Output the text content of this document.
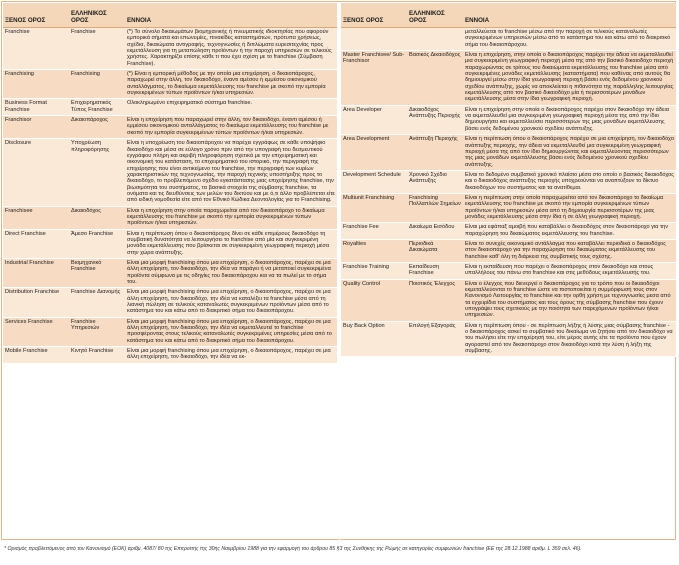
ΞΕΝΟΣ ΟΡΟΣ	ΕΛΛΗΝΙΚΟΣ ΟΡΟΣ	ΕΝΝΟΙΑ
Franchise	Franchise	(*) Το σύνολο δικαιωμάτων βιομηχανικής ή πνευματικής ιδιοκτησίας που αφορούν εμπορικά σήματα και επωνυμίες, πινακίδες καταστημάτων, πρότυπα χρήσεως, σχέδια, δικαιώματα αντιγραφής, τεχνογνωσίες ή διπλώματα ευρεσιτεχνίας προς εκμετάλλευση για τη μεταπώληση προϊόντων ή την παροχή υπηρεσιών σε τελικούς χρήστες. Χαρακτηρίζει επίσης κάθε τι που έχει σχέση με το franchise (Σύμβαση Franchise).
Franchising	Franchising	(*) Είναι η εμπορική μέθοδος με την οποία μια επιχείρηση, ο δικαιοπάροχος, παραχωρεί στην άλλη, τον δικαιοδόχο, έναντι αμέσου ή εμμέσου οικονομικού ανταλλάγματος, το δικαίωμα εκμετάλλευσης του franchise με σκοπό την εμπορία συγκεκριμένων τύπων προϊόντων ή/και υπηρεσιών.
Business Format Franchise	Επιχειρηματικός Τύπος Franchise	Ολοκληρωμένο επιχειρηματικό σύστημα franchise.
Franchisor	Δικαιοπάροχος	Είναι η επιχείρηση που παραχωρεί στην άλλη, τον δικαιοδόχο, έναντι αμέσου ή εμμέσου οικονομικού ανταλλάγματος το δικαίωμα εκμετάλλευσης του franchise με σκοπό την εμπορία συγκεκριμένων τύπων προϊόντων ή/και υπηρεσιών.
Disclosure	Υποχρέωση πληροφόρησης	Είναι η υποχρέωση του δικαιοπάροχου να παρέχει εγγράφως σε κάθε υποψήφιο δικαιοδόχο και μέσα σε εύλογο χρόνο πριν από την υπογραφή του δεσμευτικού εγγράφου πλήρη και ακριβή πληροφόρηση σχετικά με την επιχειρηματική και οικονομική του κατάσταση, το επιχειρηματικό του ιστορικό, την περιγραφή της επιχείρησης που είναι αντικείμενο του franchise, την περιγραφή των κυρίων χαρακτηριστικών της τεχνογνωσίας, την παροχή τεχνικής υποστήριξης προς το δικαιοδόχο, το προβλεπόμενο σχέδιο εγκατάστασης μιας επιχείρησης franchise, την βιωσιμότητα του συστήματος, τα βασικά στοιχεία της σύμβασης franchise, τα ονόματα και τις διευθύνσεις των μελών του δικτύου και με ό,τι άλλο προβλέπεται είτε από ειδική νομοθεσία είτε από τον Εθνικό Κώδικα Δεοντολογίας για το Franchising.
Franchisee	Δικαιοδόχος	Είναι η επιχείρηση στην οποία παραχωρείται από τον δικαιοπάροχο το δικαίωμα εκμετάλλευσης του franchise με σκοπό την εμπορία συγκεκριμένων τύπων προϊόντων ή/και υπηρεσιών.
Direct Franchise	Άμεσο Franchise	Είναι η περίπτωση όπου ο δικαιοπάροχος δίνει σε κάθε επιμέρους δικαιοδόχο τη συμβατική δυνατότητα να λειτουργήσει το franchise από μία και συγκεκριμένη μονάδα εκμετάλλευσης που βρίσκεται σε συγκεκριμένη γεωγραφική περιοχή μέσα στην χώρα ανάπτυξης.
Industrial Franchise	Βιομηχανικό Franchise	Είναι μια μορφή franchising όπου μια επιχείρηση, ο δικαιοπάροχος, παρέχει σε μια άλλη επιχείρηση, τον δικαιοδόχο, την ιδέα να παράγει ή να μεταποιεί συγκεκριμένα προϊόντα σύμφωνα με τις οδηγίες του δικαιοπάροχου και να τα πωλεί με το σήμα του.
Distribution Franchise	Franchise Διανομής	Είναι μια μορφή franchising όπου μια επιχείρηση, ο δικαιοπάροχος, παρέχει σε μια άλλη επιχείρηση, τον δικαιοδόχο, την ιδέα να καταλέξει τα franchise μέσα από τη λιανική πώληση σε τελικούς καταναλωτές συγκεκριμένων προϊόντων μέσα από το κατάστημα του και κάτω από το διακριτικό σήμα του δικαιοπάροχου.
Services Franchise	Franchise Υπηρεσιών	Είναι μια μορφή franchising όπου μια επιχείρηση, ο δικαιοπάροχος, παρέχει σε μια άλλη επιχείρηση, τον δικαιοδόχο, την ιδέα να εκμεταλλευτεί το franchise προσφέροντας στους τελικούς καταναλωτές συγκεκριμένες υπηρεσίες μέσα από το κατάστημα του και κάτω από το διακριτικό σήμα του δικαιοπάροχου.
Mobile Franchise	Κινητό Franchise	Είναι μια μορφή franchising όπου μια επιχείρηση, ο δικαιοπάροχος, παρέχει σε μια άλλη επιχείρηση, τον δικαιοδόχο, την ιδέα να εκ-
ΞΕΝΟΣ ΟΡΟΣ	ΕΛΛΗΝΙΚΟΣ ΟΡΟΣ	ΕΝΝΟΙΑ
		μεταλλεύεται το franchise μέσω από την παροχή σε τελικούς καταναλωτές συγκεκριμένων υπηρεσιών μέσω από το κατάστημα του και κάτω από το διακριτικό σήμα του δικαιοπάροχου.
Master Franchisee/ Sub-Franchisor	Βασικός Δικαιοδόχος	Είναι η επιχείρηση, στην οποία ο δικαιοπάροχος παρέχει την άδεια να εκμεταλλευθεί μια συγκεκριμένη γεωγραφική περιοχή μέσα της από την βασικό δικαιοδόχο περιοχή παραχωρώντας σε τρίτους του δικαιώματα εκμετάλλευσης του franchise μέσα από συγκεκριμένες μονάδες εκμετάλλευσης (καταστήματα) που καθένας από αυτούς θα δημιουργεί μέσω στην ίδια γεωγραφική περιοχή βάσει ενός δεδομένου χρονικού σχεδίου ανάπτυξης, χωρίς να αποκλείεται η πιθανότητα της παράλληλης λειτουργίας εκμετάλλευσης από τον βασικό δικαιοδόχο μία ή περισσοτέρων μονάδων εκμετάλλευσης μέσα στην ίδια γεωγραφική περιοχή.
Area Developer	Δικαιοδόχος Ανάπτυξης Περιοχής	Είναι η επιχείρηση στην οποία ο δικαιοπάροχος παρέχει στον δικαιοδόχο την άδεια να εκμεταλλευθεί μια συγκεκριμένη γεωγραφική περιοχή μέσα της από την ίδιο δημιουργήσει και εκμεταλλεύσει περισσότερων της μιας μονάδων εκμετάλλευσης βάσει ενός δεδομένου χρονικού σχεδίου ανάπτυξης.
Area Development	Ανάπτυξη Περιοχής	Είναι η περίπτωση όπου ο δικαιοπάροχος παρέχει σε μια επιχείρηση, τον δικαιοδόχο ανάπτυξης περιοχής, την άδεια να εκμεταλλευθεί μια συγκεκριμένη γεωγραφική περιοχή μέσα της από τον ίδιο δημιουργώντας και εκμεταλλεύοντας περισσότερων της μιας μονάδων εκμετάλλευσης βάσει ενός δεδομένου χρονικού σχεδίου ανάπτυξης.
Development Schedule	Χρονικό Σχέδιο Ανάπτυξης	Είναι το δεδομένο συμβατικό χρονικό πλαίσιο μέσα στο οποίο ο βασικός δικαιοδόχος και ο δικαιοδόχος ανάπτυξης περιοχής υποχρεούνται να αναπτύξουν το δίκτυο δικαιοδόχων του συστήματος και τα ανατίθεμαι.
Multiunit Franchising	Franchising Πολλαπλών Σημείων	Είναι η περίπτωση στην οποία παραχωρείται από τον δικαιοπάροχο το δικαίωμα εκμετάλλευσης του franchise με σκοπό την εμπορία συγκεκριμένων τύπων προϊόντων ή/και υπηρεσιών μέσα από τη δημιουργία περισσοτέρων της μιας μονάδες εκμετάλλευσης μέσα στην ίδια ή σε άλλη γεωγραφική περιοχή.
Franchise Fee	Δικαίωμα Εισόδου	Είναι μια εφάπαξ αμοιβή που καταβάλλει ο δικαιοδόχος στον δικαιοπάροχο για την παραχώρηση του δικαιώματος εκμετάλλευσης του franchise.
Royalties	Περιοδικά Δικαιώματα	Είναι το συνεχές οικονομικό αντάλλαγμα που καταβάλλει περιοδικά ο δικαιοδόχος στον δικαιοπάροχο για την παραχώρηση του δικαιώματος εκμετάλλευσης του franchise καθ' όλη τη διάρκεια της συμβατικής τους σχέσης.
Franchise Training	Εκπαίδευση Franchise	Είναι η εκπαίδευση που παρέχει ο δικαιοπάροχος στον δικαιοδόχο και στους υπαλλήλους του πάνω στο franchise και στις μεθόδους εκμετάλλευσής του.
Quality Control	Ποιοτικός Έλεγχος	Είναι ο έλεγχος που διενεργεί ο δικαιοπάροχος για το τρόπο που οι δικαιοδόχοι εκμεταλλεύονται το franchise ώστε να πιστοποιείται η συμμόρφωσή τους στον Κανονισμό Λειτουργίας το franchise και την ορθή χρήση με τεχνογνωσίες μεσα από τα εγχειρίδια του συστήματος και τους όρους της σύμβασης franchise που έχουν υπογράψει τους σχετικούς με την ποιότητα των παρεχόμενων προϊόντων ή/και υπηρεσιών.
Buy Back Option	Επιλογή Εξαγοράς	Είναι η περίπτωση όπου - σε περίπτωση λήξης ή λύσης μιας σύμβασης franchise - ο δικαιοπάροχος ασκεί το συμβατικό του δικαίωμα να ζητήσει από τον δικαιοδόχο να του πωλήσει είτε την επιχείρησή του, είτε μέρος αυτής είτε τα προϊόντα που έχουν αγοραστεί από τον δικαιοπάροχο στον δικαιοδόχο κατά την λύση ή λήξη της σύμβασης.
* Ορισμός προβλεπόμενος από τον Κανονισμό (ΕΟΚ) αριθμ. 4087/ 80 της Επιτροπής της 30ής Νοεμβρίου 1988 για την εφαρμογή του άρθρου 85 §3 της Συνθήκης της Ρώμης σε κατηγορίες συμφωνιών franchise (ΕΕ της 28.12.1988 αριθμ. L 359 σελ. 46).
